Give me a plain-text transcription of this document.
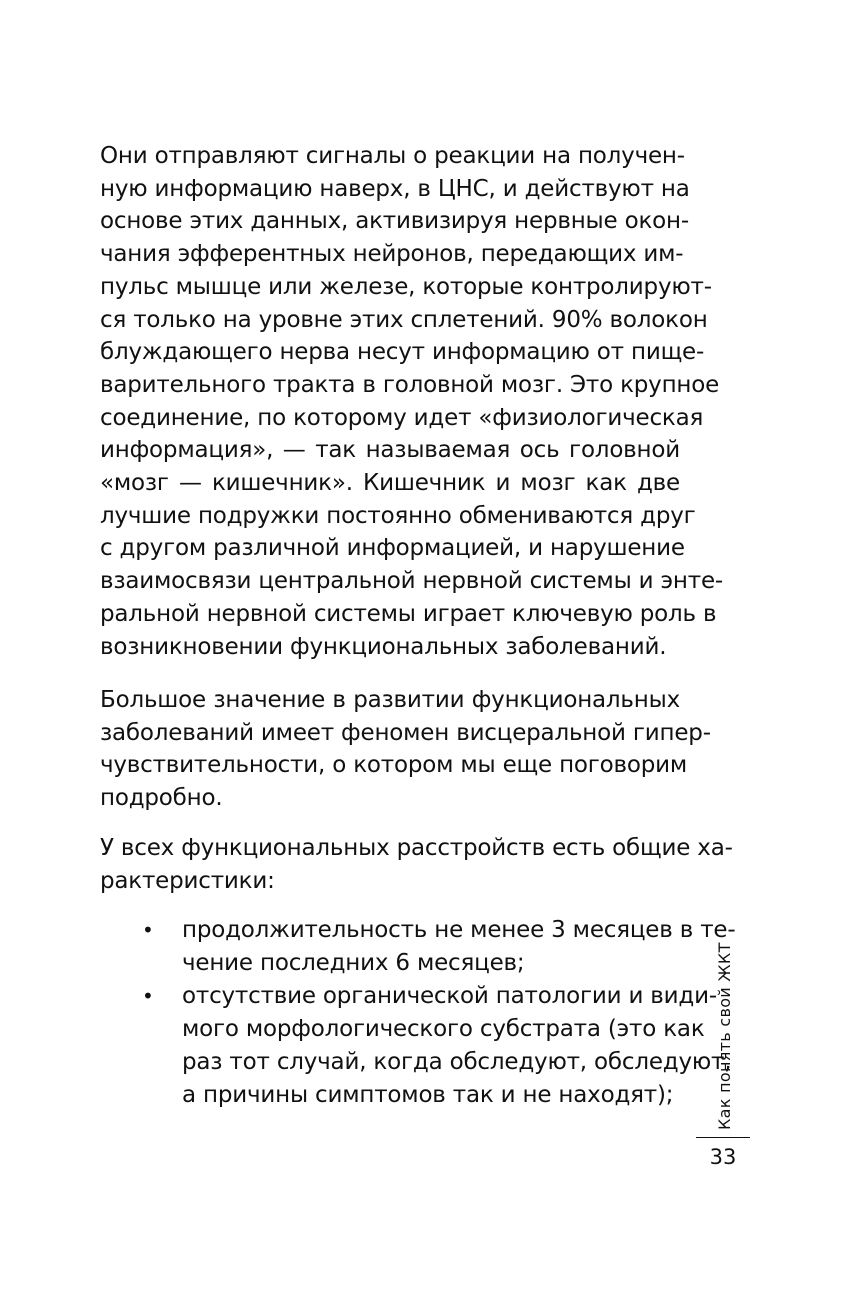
Они отправляют сигналы о реакции на получен-
ную информацию наверх, в ЦНС, и действуют на
основе этих данных, активизируя нервные окон-
чания эфферентных нейронов, передающих им-
пульс мышце или железе, которые контролируют-
ся только на уровне этих сплетений. 90% волокон
блуждающего нерва несут информацию от пище-
варительного тракта в головной мозг. Это крупное
соединение, по которому идет «физиологическая
информация», — так называемая ось головной
«мозг — кишечник». Кишечник и мозг как две
лучшие подружки постоянно обмениваются друг
с другом различной информацией, и нарушение
взаимосвязи центральной нервной системы и энте-
ральной нервной системы играет ключевую роль в
возникновении функциональных заболеваний.
Большое значение в развитии функциональных
заболеваний имеет феномен висцеральной гипер-
чувствительности, о котором мы еще поговорим
подробно.
У всех функциональных расстройств есть общие ха-
рактеристики:
• продолжительность не менее 3 месяцев в те-
чение последних 6 месяцев;
• отсутствие органической патологии и види-
мого морфологического субстрата (это как
раз тот случай, когда обследуют, обследуют,
а причины симптомов так и не находят);	Как понять свой ЖКТ
33
